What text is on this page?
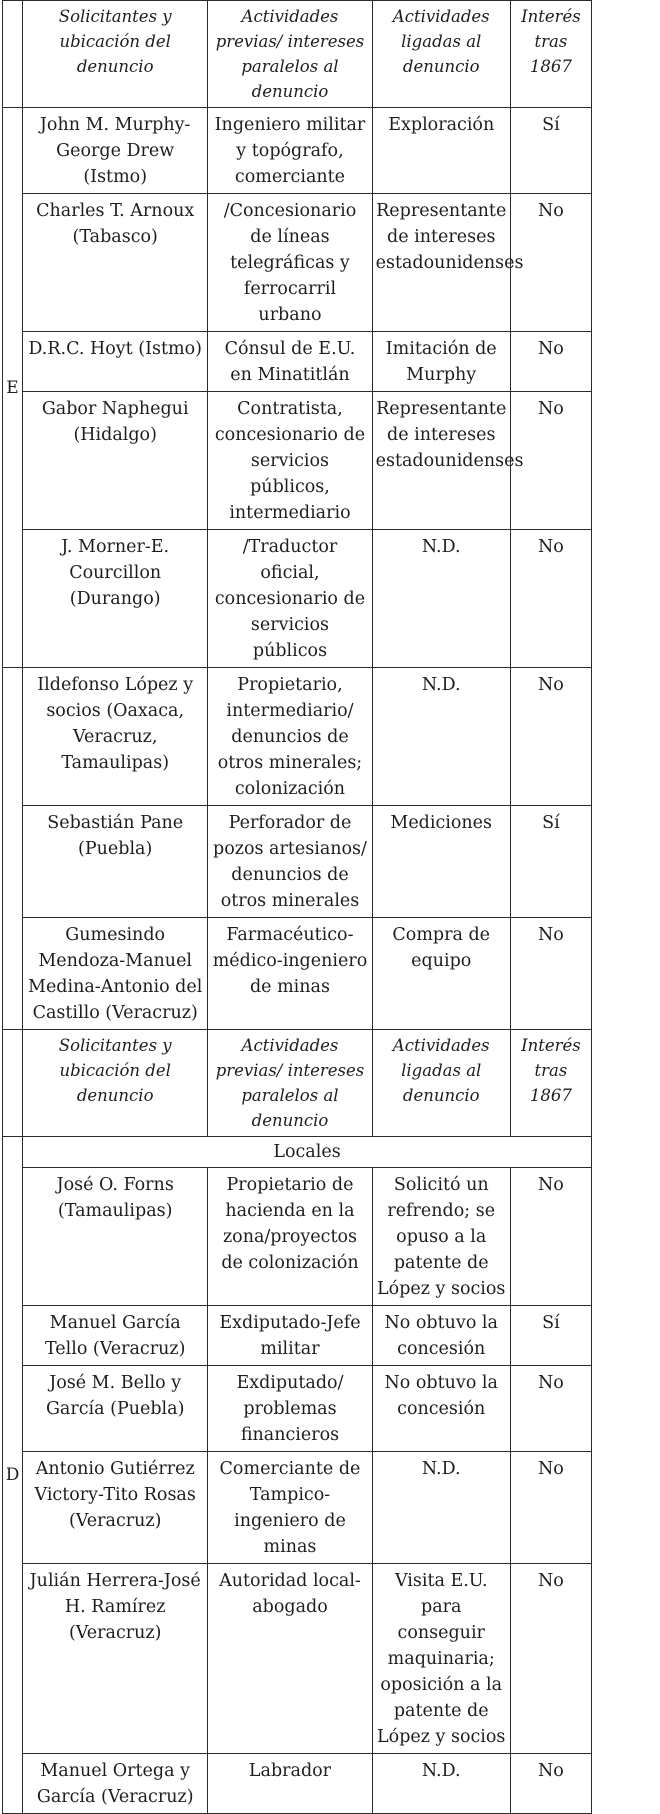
	Solicitantes y ubicación del denuncio	Actividades previas/ intereses paralelos al denuncio	Actividades ligadas al denuncio	Interés tras 1867
E	John M. Murphy-George Drew (Istmo)	Ingeniero militar y topógrafo, comerciante	Exploración	Sí
	Charles T. Arnoux (Tabasco)	/Concesionario de líneas telegráficas y ferrocarril urbano	Representante de intereses estadounidenses	No
	D.R.C. Hoyt (Istmo)	Cónsul de E.U. en Minatitlán	Imitación de Murphy	No
	Gabor Naphegui (Hidalgo)	Contratista, concesionario de servicios públicos, intermediario	Representante de intereses estadounidenses	No
	J. Morner-E. Courcillon (Durango)	/Traductor oficial, concesionario de servicios públicos	N.D.	No
	Ildefonso López y socios (Oaxaca, Veracruz, Tamaulipas)	Propietario, intermediario/ denuncios de otros minerales; colonización	N.D.	No
	Sebastián Pane (Puebla)	Perforador de pozos artesianos/ denuncios de otros minerales	Mediciones	Sí
	Gumesindo Mendoza-Manuel Medina-Antonio del Castillo (Veracruz)	Farmacéutico-médico-ingeniero de minas	Compra de equipo	No
	Solicitantes y ubicación del denuncio	Actividades previas/ intereses paralelos al denuncio	Actividades ligadas al denuncio	Interés tras 1867
D	Locales			
	José O. Forns (Tamaulipas)	Propietario de hacienda en la zona/proyectos de colonización	Solicitó un refrendo; se opuso a la patente de López y socios	No
	Manuel García Tello (Veracruz)	Exdiputado-Jefe militar	No obtuvo la concesión	Sí
	José M. Bello y García (Puebla)	Exdiputado/ problemas financieros	No obtuvo la concesión	No
	Antonio Gutiérrez Victory-Tito Rosas (Veracruz)	Comerciante de Tampico-ingeniero de minas	N.D.	No
	Julián Herrera-José H. Ramírez (Veracruz)	Autoridad local-abogado	Visita E.U. para conseguir maquinaria; oposición a la patente de López y socios	No
	Manuel Ortega y García (Veracruz)	Labrador	N.D.	No
